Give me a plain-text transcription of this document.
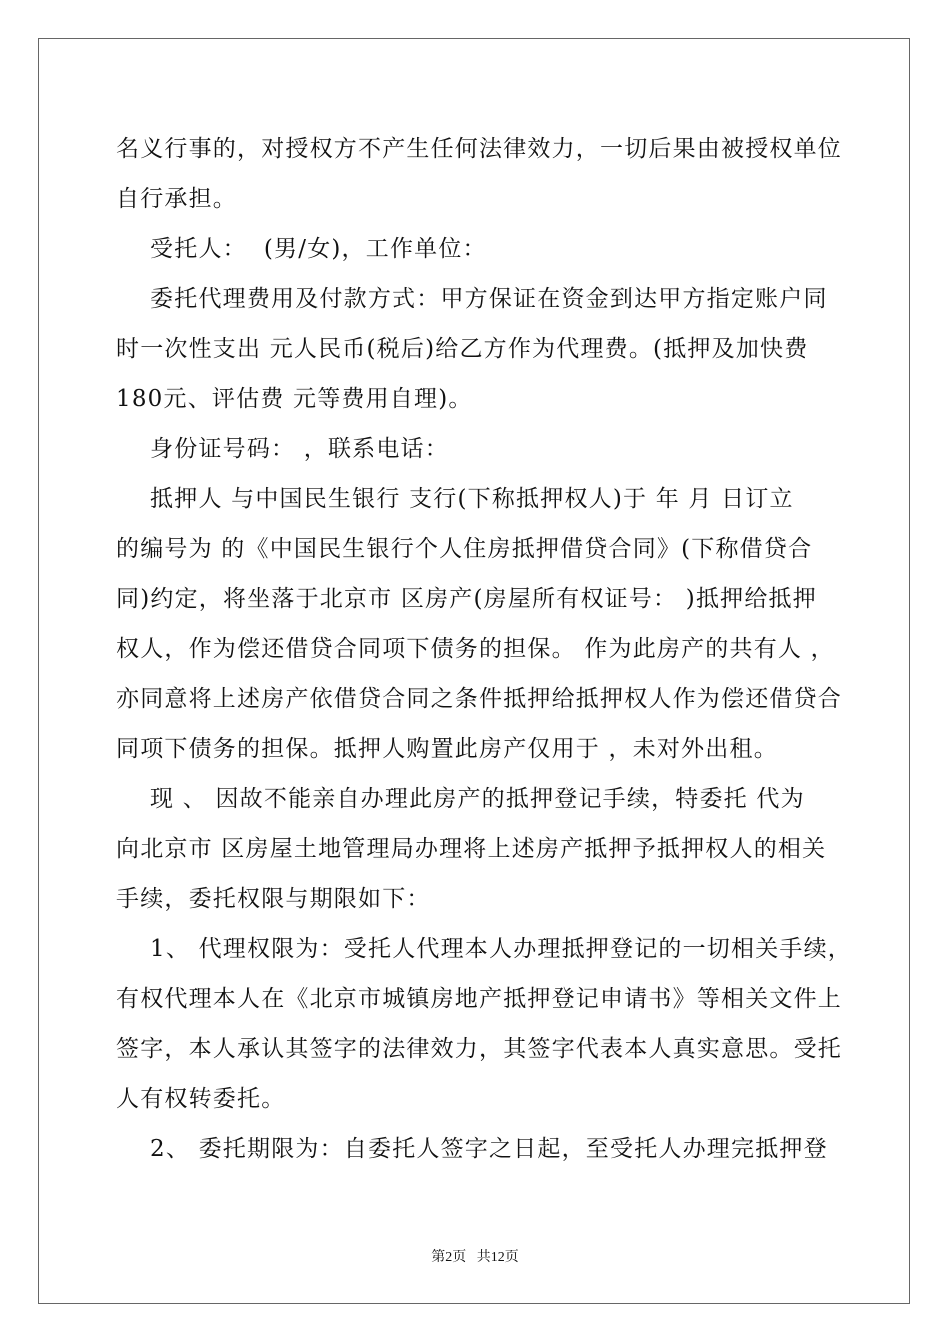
名义行事的，对授权方不产生任何法律效力，一切后果由被授权单位
自行承担。
受托人：  (男/女)，工作单位：
委托代理费用及付款方式：甲方保证在资金到达甲方指定账户同
时一次性支出 元人民币(税后)给乙方作为代理费。(抵押及加快费
180元、评估费 元等费用自理)。
身份证号码： ，联系电话：
抵押人 与中国民生银行 支行(下称抵押权人)于 年 月 日订立
的编号为 的《中国民生银行个人住房抵押借贷合同》(下称借贷合
同)约定，将坐落于北京市 区房产(房屋所有权证号： )抵押给抵押
权人，作为偿还借贷合同项下债务的担保。 作为此房产的共有人 ，
亦同意将上述房产依借贷合同之条件抵押给抵押权人作为偿还借贷合
同项下债务的担保。抵押人购置此房产仅用于 ，未对外出租。
现 、 因故不能亲自办理此房产的抵押登记手续，特委托 代为
向北京市 区房屋土地管理局办理将上述房产抵押予抵押权人的相关
手续，委托权限与期限如下：
1、 代理权限为：受托人代理本人办理抵押登记的一切相关手续，
有权代理本人在《北京市城镇房地产抵押登记申请书》等相关文件上
签字，本人承认其签字的法律效力，其签字代表本人真实意思。受托
人有权转委托。
2、 委托期限为：自委托人签字之日起，至受托人办理完抵押登
第2页   共12页
